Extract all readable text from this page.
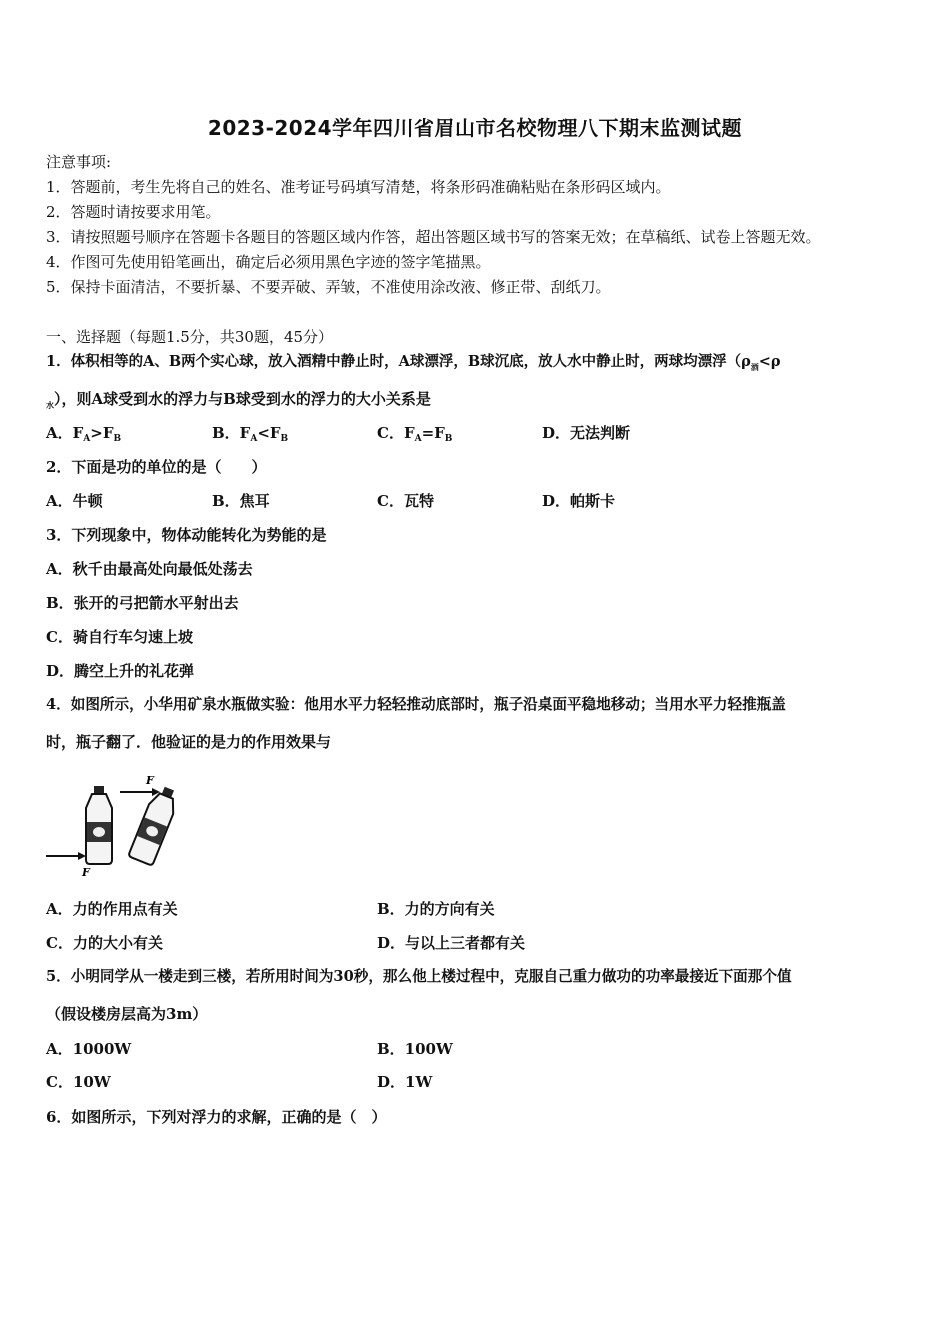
2023-2024学年四川省眉山市名校物理八下期末监测试题
注意事项:
1．答题前，考生先将自己的姓名、准考证号码填写清楚，将条形码准确粘贴在条形码区域内。
2．答题时请按要求用笔。
3．请按照题号顺序在答题卡各题目的答题区域内作答，超出答题区域书写的答案无效；在草稿纸、试卷上答题无效。
4．作图可先使用铅笔画出，确定后必须用黑色字迹的签字笔描黑。
5．保持卡面清洁，不要折暴、不要弄破、弄皱，不准使用涂改液、修正带、刮纸刀。
一、选择题（每题1.5分，共30题，45分）
1．体积相等的A、B两个实心球，放入酒精中静止时，A球漂浮，B球沉底，放人水中静止时，两球均漂浮（$\rho_酒<\rho$
$_水$），则A球受到水的浮力与B球受到水的浮力的大小关系是
A．$F_A>F_B$	B．$F_A<F_B$	C．$F_A=F_B$	D．无法判断
2．下面是功的单位的是（　　）
A．牛顿	B．焦耳	C．瓦特	D．帕斯卡
3．下列现象中，物体动能转化为势能的是
A．秋千由最高处向最低处荡去
B．张开的弓把箭水平射出去
C．骑自行车匀速上坡
D．腾空上升的礼花弹
4．如图所示，小华用矿泉水瓶做实验：他用水平力轻轻推动底部时，瓶子沿桌面平稳地移动；当用水平力轻推瓶盖
时，瓶子翻了．他验证的是力的作用效果与
F
F
A．力的作用点有关	B．力的方向有关
C．力的大小有关	D．与以上三者都有关
5．小明同学从一楼走到三楼，若所用时间为30秒，那么他上楼过程中，克服自己重力做功的功率最接近下面那个值
（假设楼房层高为3m）
A．1000W	B．100W
C．10W	D．1W
6．如图所示，下列对浮力的求解，正确的是（　）
